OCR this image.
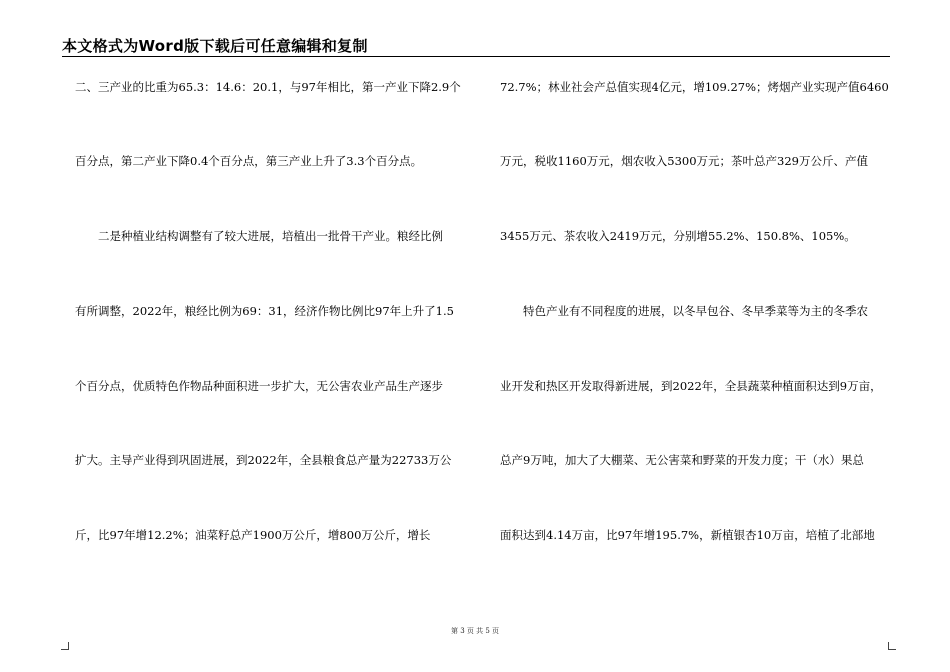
本文格式为Word版下载后可任意编辑和复制
二、三产业的比重为65.3：14.6：20.1，与97年相比，第一产业下降2.9个
百分点，第二产业下降0.4个百分点，第三产业上升了3.3个百分点。
　　二是种植业结构调整有了较大进展，培植出一批骨干产业。粮经比例
有所调整，2022年，粮经比例为69：31，经济作物比例比97年上升了1.5
个百分点，优质特色作物品种面积进一步扩大，无公害农业产品生产逐步
扩大。主导产业得到巩固进展，到2022年，全县粮食总产量为22733万公
斤，比97年增12.2%；油菜籽总产1900万公斤，增800万公斤，增长
72.7%；林业社会产总值实现4亿元，增109.27%；烤烟产业实现产值6460
万元，税收1160万元，烟农收入5300万元；茶叶总产329万公斤、产值
3455万元、茶农收入2419万元，分别增55.2%、150.8%、105%。
　　特色产业有不同程度的进展，以冬早包谷、冬早季菜等为主的冬季农
业开发和热区开发取得新进展，到2022年，全县蔬菜种植面积达到9万亩，
总产9万吨，加大了大棚菜、无公害菜和野菜的开发力度；干（水）果总
面积达到4.14万亩，比97年增195.7%，新植银杏10万亩，培植了北部地
第 3 页 共 5 页
